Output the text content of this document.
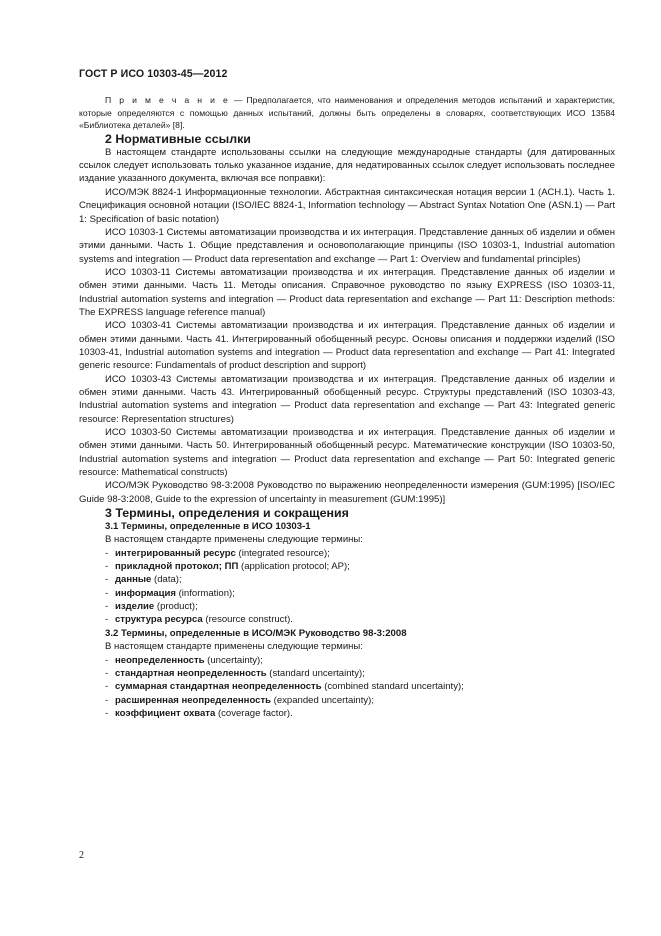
ГОСТ Р ИСО 10303-45—2012

П р и м е ч а н и е — Предполагается, что наименования и определения методов испытаний и характеристик, которые определяются с помощью данных испытаний, должны быть определены в словарях, соответствующих ИСО 13584 «Библиотека деталей» [8].

2 Нормативные ссылки

В настоящем стандарте использованы ссылки на следующие международные стандарты (для датированных ссылок следует использовать только указанное издание, для недатированных ссылок следует использовать последнее издание указанного документа, включая все поправки):

ИСО/МЭК 8824-1 Информационные технологии. Абстрактная синтаксическая нотация версии 1 (АСН.1). Часть 1. Спецификация основной нотации (ISO/IEC 8824-1, Information technology — Abstract Syntax Notation One (ASN.1) — Part 1: Specification of basic notation)

ИСО 10303-1 Системы автоматизации производства и их интеграция. Представление данных об изделии и обмен этими данными. Часть 1. Общие представления и основополагающие принципы (ISO 10303-1, Industrial automation systems and integration — Product data representation and exchange — Part 1: Overview and fundamental principles)

ИСО 10303-11 Системы автоматизации производства и их интеграция. Представление данных об изделии и обмен этими данными. Часть 11. Методы описания. Справочное руководство по языку EXPRESS (ISO 10303-11, Industrial automation systems and integration — Product data representation and exchange — Part 11: Description methods: The EXPRESS language reference manual)

ИСО 10303-41 Системы автоматизации производства и их интеграция. Представление данных об изделии и обмен этими данными. Часть 41. Интегрированный обобщенный ресурс. Основы описания и поддержки изделий (ISO 10303-41, Industrial automation systems and integration — Product data representation and exchange — Part 41: Integrated generic resource: Fundamentals of product description and support)

ИСО 10303-43 Системы автоматизации производства и их интеграция. Представление данных об изделии и обмен этими данными. Часть 43. Интегрированный обобщенный ресурс. Структуры представлений (ISO 10303-43, Industrial automation systems and integration — Product data representation and exchange — Part 43: Integrated generic resource: Representation structures)

ИСО 10303-50 Системы автоматизации производства и их интеграция. Представление данных об изделии и обмен этими данными. Часть 50. Интегрированный обобщенный ресурс. Математические конструкции (ISO 10303-50, Industrial automation systems and integration — Product data representation and exchange — Part 50: Integrated generic resource: Mathematical constructs)

ИСО/МЭК Руководство 98-3:2008 Руководство по выражению неопределенности измерения (GUM:1995) [ISO/IEC Guide 98-3:2008, Guide to the expression of uncertainty in measurement (GUM:1995)]

3 Термины, определения и сокращения
3.1 Термины, определенные в ИСО 10303-1

В настоящем стандарте применены следующие термины:

- интегрированный ресурс (integrated resource);
- прикладной протокол; ПП (application protocol; AP);
- данные (data);
- информация (information);
- изделие (product);
- структура ресурса (resource construct).
3.2 Термины, определенные в ИСО/МЭК Руководство 98-3:2008

В настоящем стандарте применены следующие термины:

- неопределенность (uncertainty);
- стандартная неопределенность (standard uncertainty);
- суммарная стандартная неопределенность (combined standard uncertainty);
- расширенная неопределенность (expanded uncertainty);
- коэффициент охвата (coverage factor).
2
